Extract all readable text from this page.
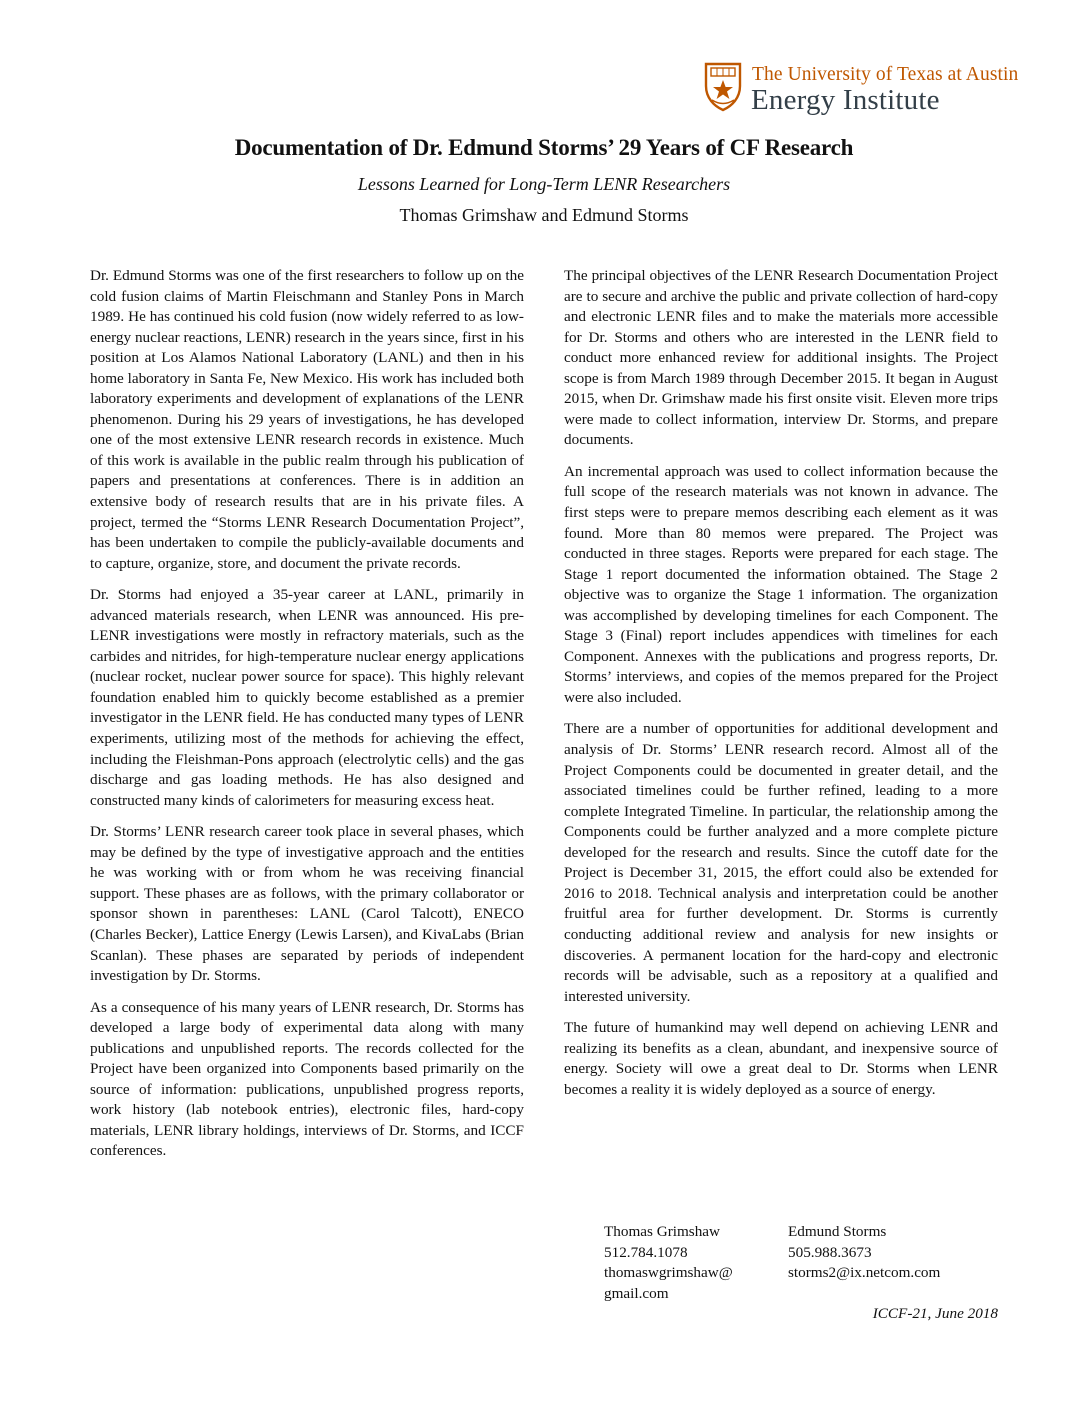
The University of Texas at Austin
Energy Institute
Documentation of Dr. Edmund Storms’ 29 Years of CF Research
Lessons Learned for Long-Term LENR Researchers
Thomas Grimshaw and Edmund Storms

Dr. Edmund Storms was one of the first researchers to follow up on the cold fusion claims of Martin Fleischmann and Stanley Pons in March 1989. He has continued his cold fusion (now widely referred to as low-energy nuclear reactions, LENR) research in the years since, first in his position at Los Alamos National Laboratory (LANL) and then in his home laboratory in Santa Fe, New Mexico. His work has included both laboratory experiments and development of explanations of the LENR phenomenon. During his 29 years of investigations, he has developed one of the most extensive LENR research records in existence. Much of this work is available in the public realm through his publication of papers and presentations at conferences. There is in addition an extensive body of research results that are in his private files. A project, termed the “Storms LENR Research Documentation Project”, has been undertaken to compile the publicly-available documents and to capture, organize, store, and document the private records.

Dr. Storms had enjoyed a 35-year career at LANL, primarily in advanced materials research, when LENR was announced. His pre-LENR investigations were mostly in refractory materials, such as the carbides and nitrides, for high-temperature nuclear energy applications (nuclear rocket, nuclear power source for space). This highly relevant foundation enabled him to quickly become established as a premier investigator in the LENR field. He has conducted many types of LENR experiments, utilizing most of the methods for achieving the effect, including the Fleishman-Pons approach (electrolytic cells) and the gas discharge and gas loading methods. He has also designed and constructed many kinds of calorimeters for measuring excess heat.

Dr. Storms’ LENR research career took place in several phases, which may be defined by the type of investigative approach and the entities he was working with or from whom he was receiving financial support. These phases are as follows, with the primary collaborator or sponsor shown in parentheses: LANL (Carol Talcott), ENECO (Charles Becker), Lattice Energy (Lewis Larsen), and KivaLabs (Brian Scanlan). These phases are separated by periods of independent investigation by Dr. Storms.

As a consequence of his many years of LENR research, Dr. Storms has developed a large body of experimental data along with many publications and unpublished reports. The records collected for the Project have been organized into Components based primarily on the source of information: publications, unpublished progress reports, work history (lab notebook entries), electronic files, hard-copy materials, LENR library holdings, interviews of Dr. Storms, and ICCF conferences.

The principal objectives of the LENR Research Documentation Project are to secure and archive the public and private collection of hard-copy and electronic LENR files and to make the materials more accessible for Dr. Storms and others who are interested in the LENR field to conduct more enhanced review for additional insights. The Project scope is from March 1989 through December 2015. It began in August 2015, when Dr. Grimshaw made his first onsite visit. Eleven more trips were made to collect information, interview Dr. Storms, and prepare documents.

An incremental approach was used to collect information because the full scope of the research materials was not known in advance. The first steps were to prepare memos describing each element as it was found. More than 80 memos were prepared. The Project was conducted in three stages. Reports were prepared for each stage. The Stage 1 report documented the information obtained. The Stage 2 objective was to organize the Stage 1 information. The organization was accomplished by developing timelines for each Component. The Stage 3 (Final) report includes appendices with timelines for each Component. Annexes with the publications and progress reports, Dr. Storms’ interviews, and copies of the memos prepared for the Project were also included.

There are a number of opportunities for additional development and analysis of Dr. Storms’ LENR research record. Almost all of the Project Components could be documented in greater detail, and the associated timelines could be further refined, leading to a more complete Integrated Timeline. In particular, the relationship among the Components could be further analyzed and a more complete picture developed for the research and results. Since the cutoff date for the Project is December 31, 2015, the effort could also be extended for 2016 to 2018. Technical analysis and interpretation could be another fruitful area for further development. Dr. Storms is currently conducting additional review and analysis for new insights or discoveries. A permanent location for the hard-copy and electronic records will be advisable, such as a repository at a qualified and interested university.

The future of humankind may well depend on achieving LENR and realizing its benefits as a clean, abundant, and inexpensive source of energy. Society will owe a great deal to Dr. Storms when LENR becomes a reality it is widely deployed as a source of energy.

Thomas Grimshaw
512.784.1078
thomaswgrimshaw@
gmail.com
Edmund Storms
505.988.3673
storms2@ix.netcom.com
ICCF-21, June 2018
